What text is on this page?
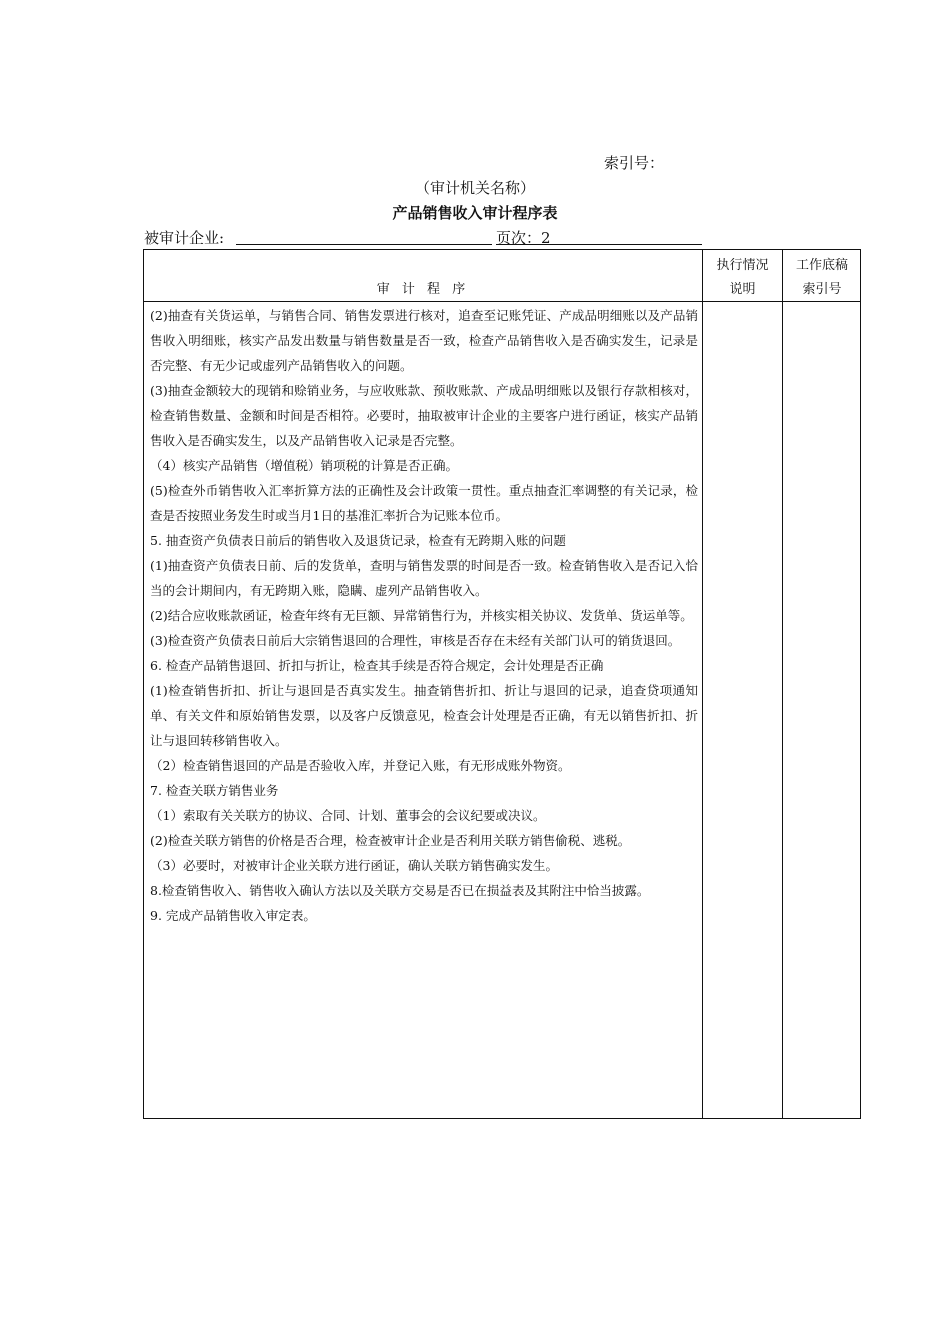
索引号：
（审计机关名称）
产品销售收入审计程序表
被审计企业:	页次：2
审 计 程 序
执行情况
说明
工作底稿
索引号

(2)抽查有关货运单，与销售合同、销售发票进行核对，追查至记账凭证、产成品明细账以及产品销售收入明细账，核实产品发出数量与销售数量是否一致，检查产品销售收入是否确实发生，记录是否完整、有无少记或虚列产品销售收入的问题。

(3)抽查金额较大的现销和赊销业务，与应收账款、预收账款、产成品明细账以及银行存款相核对，检查销售数量、金额和时间是否相符。必要时，抽取被审计企业的主要客户进行函证，核实产品销售收入是否确实发生，以及产品销售收入记录是否完整。

（4）核实产品销售（增值税）销项税的计算是否正确。

(5)检查外币销售收入汇率折算方法的正确性及会计政策一贯性。重点抽查汇率调整的有关记录，检查是否按照业务发生时或当月1日的基准汇率折合为记账本位币。

5. 抽查资产负债表日前后的销售收入及退货记录，检查有无跨期入账的问题

(1)抽查资产负债表日前、后的发货单，查明与销售发票的时间是否一致。检查销售收入是否记入恰当的会计期间内，有无跨期入账，隐瞒、虚列产品销售收入。

(2)结合应收账款函证，检查年终有无巨额、异常销售行为，并核实相关协议、发货单、货运单等。

(3)检查资产负债表日前后大宗销售退回的合理性，审核是否存在未经有关部门认可的销货退回。

6. 检查产品销售退回、折扣与折让，检查其手续是否符合规定，会计处理是否正确

(1)检查销售折扣、折让与退回是否真实发生。抽查销售折扣、折让与退回的记录，追查贷项通知单、有关文件和原始销售发票，以及客户反馈意见，检查会计处理是否正确，有无以销售折扣、折让与退回转移销售收入。

（2）检查销售退回的产品是否验收入库，并登记入账，有无形成账外物资。

7. 检查关联方销售业务

（1）索取有关关联方的协议、合同、计划、董事会的会议纪要或决议。

(2)检查关联方销售的价格是否合理，检查被审计企业是否利用关联方销售偷税、逃税。

（3）必要时，对被审计企业关联方进行函证，确认关联方销售确实发生。

8.检查销售收入、销售收入确认方法以及关联方交易是否已在损益表及其附注中恰当披露。

9. 完成产品销售收入审定表。
